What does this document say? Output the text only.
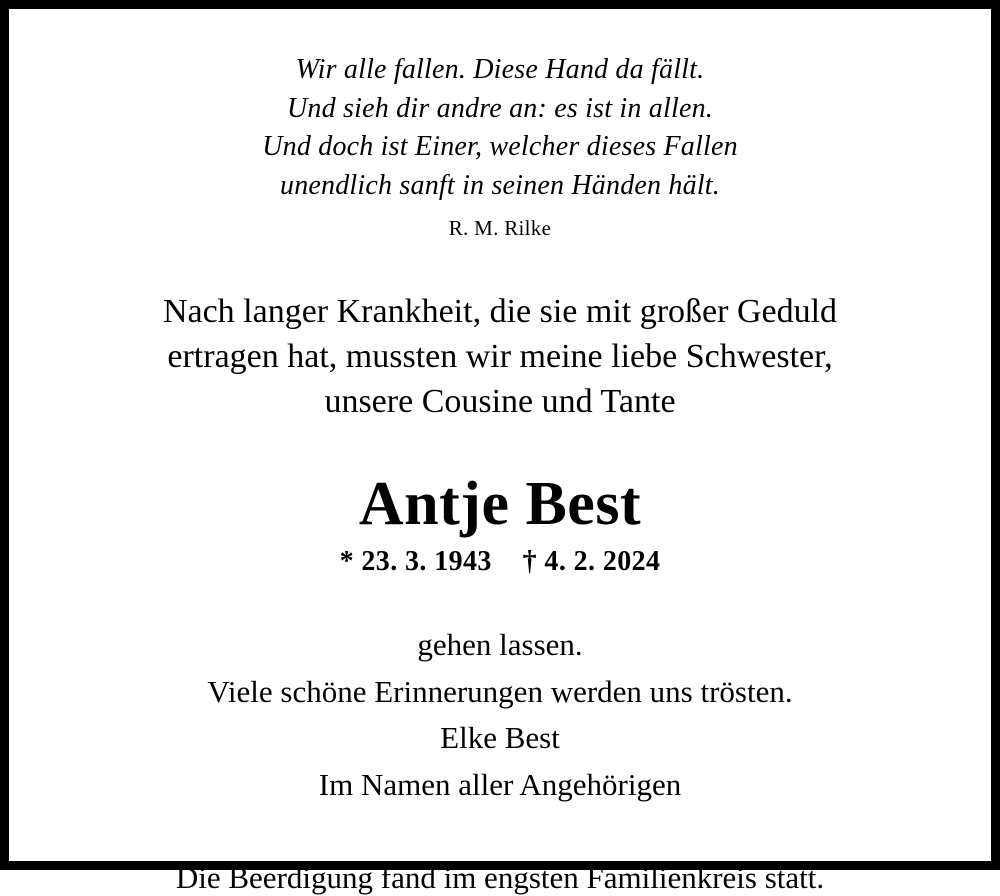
Wir alle fallen. Diese Hand da fällt.
Und sieh dir andre an: es ist in allen.
Und doch ist Einer, welcher dieses Fallen
unendlich sanft in seinen Händen hält.
R. M. Rilke
Nach langer Krankheit, die sie mit großer Geduld
ertragen hat, mussten wir meine liebe Schwester,
unsere Cousine und Tante
Antje Best
* 23. 3. 1943 † 4. 2. 2024
gehen lassen.
Viele schöne Erinnerungen werden uns trösten.
Elke Best
Im Namen aller Angehörigen
Die Beerdigung fand im engsten Familienkreis statt.
